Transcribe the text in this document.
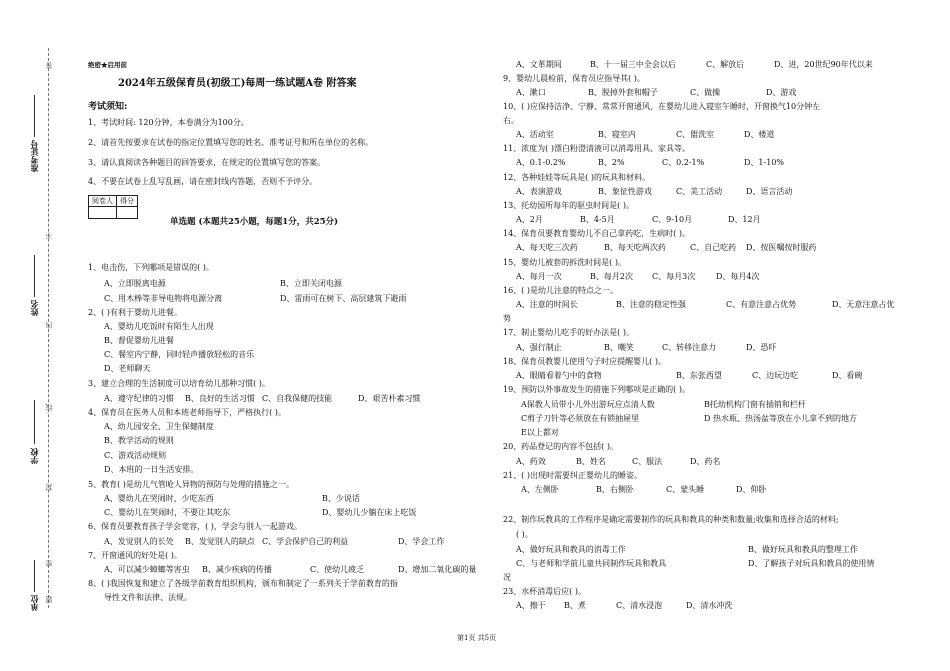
答
不
内
线
封
密
题
准考证号
姓名
学校
单位
绝密★启用前
2024年五级保育员(初级工)每周一练试题A卷 附答案
考试须知:
1、考试时间: 120分钟，本卷满分为100分。
2、请首先按要求在试卷的指定位置填写您的姓名、准考证号和所在单位的名称。
3、请认真阅读各种题目的回答要求，在规定的位置填写您的答案。
4、不要在试卷上乱写乱画，请在密封线内答题，否则不予评分。
阅卷人	得分

单选题 (本题共25小题，每题1分，共25分)
1、电击伤，下列哪项是错误的( )。
A、立即脱离电源	B、立即关闭电源
C、用木棒等非导电物将电源分离	D、雷雨可在树下、高层建筑下避雨
2、( )有利于婴幼儿进餐。
A、婴幼儿吃饭时有陌生人出现
B、督促婴幼儿进餐
C、餐室内宁静，同时轻声播放轻松的音乐
D、老师聊天
3、建立合理的生活制度可以培育幼儿那种习惯( )。
A、遵守纪律的习惯 B、良好的生活习惯 C、自我保健的技能	D、艰苦朴素习惯
4、保育员在医务人员和本班老师指导下，严格执行( )。
A、幼儿园安全、卫生保健制度
B、教学活动的规则
C、游戏活动规则
D、本班的一日生活安排。
5、教育( )是幼儿气管呛人异物的预防与处理的措施之一。
A、婴幼儿在哭闹时，少吃东西	B、少说话
C、婴幼儿在哭闹时，不要让其吃东	D、婴幼儿少躺在床上吃饭
6、保育员要教育孩子学会宽容，( )，学会与别人一起游戏。
A、发觉别人的长处 B、发觉别人的缺点 C、学会保护自己的利益	D、学会工作
7、开窗通风的好处是( )。
A、可以减少蟑螂等害虫 B、减少疾病的传播	C、使幼儿疲乏	D、增加二氧化碳的量
8、( )我国恢复和建立了各级学前教育组织机构，颁布和制定了一系列关于学前教育的指
导性文件和法律、法规。
A、文革期间	B、十一届三中全会以后	C、解放后	D、进，20世纪90年代以来
9、婴幼儿晨检前，保育员应指导其( )。
A、漱口	B、脱掉外套和帽子	C、做操	D、游戏
10、( )应保持洁净、宁静、常常开窗通风，在婴幼儿进入寝室午睡时，开窗换气10分钟左
右。
A、活动室	B、寝室内	C、盥洗室	D、楼道
11、浓度为( )漂白粉澄清液可以消毒用具、家具等。
A、0.1-0.2%	B、2%	C、0.2-1%	D、1-10%
12、各种娃娃等玩具是( )的玩具和材料。
A、表演游戏	B、象征性游戏	C、美工活动	D、语言活动
13、托幼园所每年的驱虫时间是( )。
A、2月	B、4-5月	C、9-10月	D、12月
14、保育员要教育婴幼儿不自己拿药吃，生病时( )。
A、每天吃三次药	B、每天吃两次药	C、自己吃药 D、按医嘱按时服药
15、婴幼儿被套的拆洗时间是( )。
A、每月一次	B、每月2次 C、每月3次	D、每月4次
16、( )是幼儿注意的特点之一。
A、注意的时间长	B、注意的稳定性强	C、有意注意占优势	D、无意注意占优
势
17、制止婴幼儿吃手的好办法是( )。
A、强行制止	B、嘲笑	C、转移注意力	D、恐吓
18、保育员教婴儿使用勺子时应提醒婴儿( )。
A、眼睛看着勺中的食物	B、东张西望	C、边玩边吃	D、看碗
19、预防以外事故发生的措施下列哪项是正确的( )。
A保教人员带小儿外出游玩应点清人数	B托幼机构门窗有插销和栏杆
C剪子刀针等必须放在有锁抽屉里	D 热水瓶、热汤盆等放在小儿拿不到的地方
E以上都对
20、药品登记的内容不包括( )。
A、药效	B、姓名	C、服法	D、药名
21、( )出现时需要纠正婴幼儿的睡姿。
A、左侧卧	B、右侧卧	C、蒙头睡	D、仰卧
22、制作玩教具的工作程序是确定需要制作的玩具和教具的种类和数量;收集和选择合适的材料;
( )。
A、做好玩具和教具的消毒工作	B、做好玩具和教具的整理工作
C、与老师和学前儿童共同制作玩具和教具	D、了解孩子对玩具和教具的使用情
况
23、水杯消毒后应( )。
A、擦干 B、煮	C、清水浸泡	D、清水冲洗
第1页 共5页
